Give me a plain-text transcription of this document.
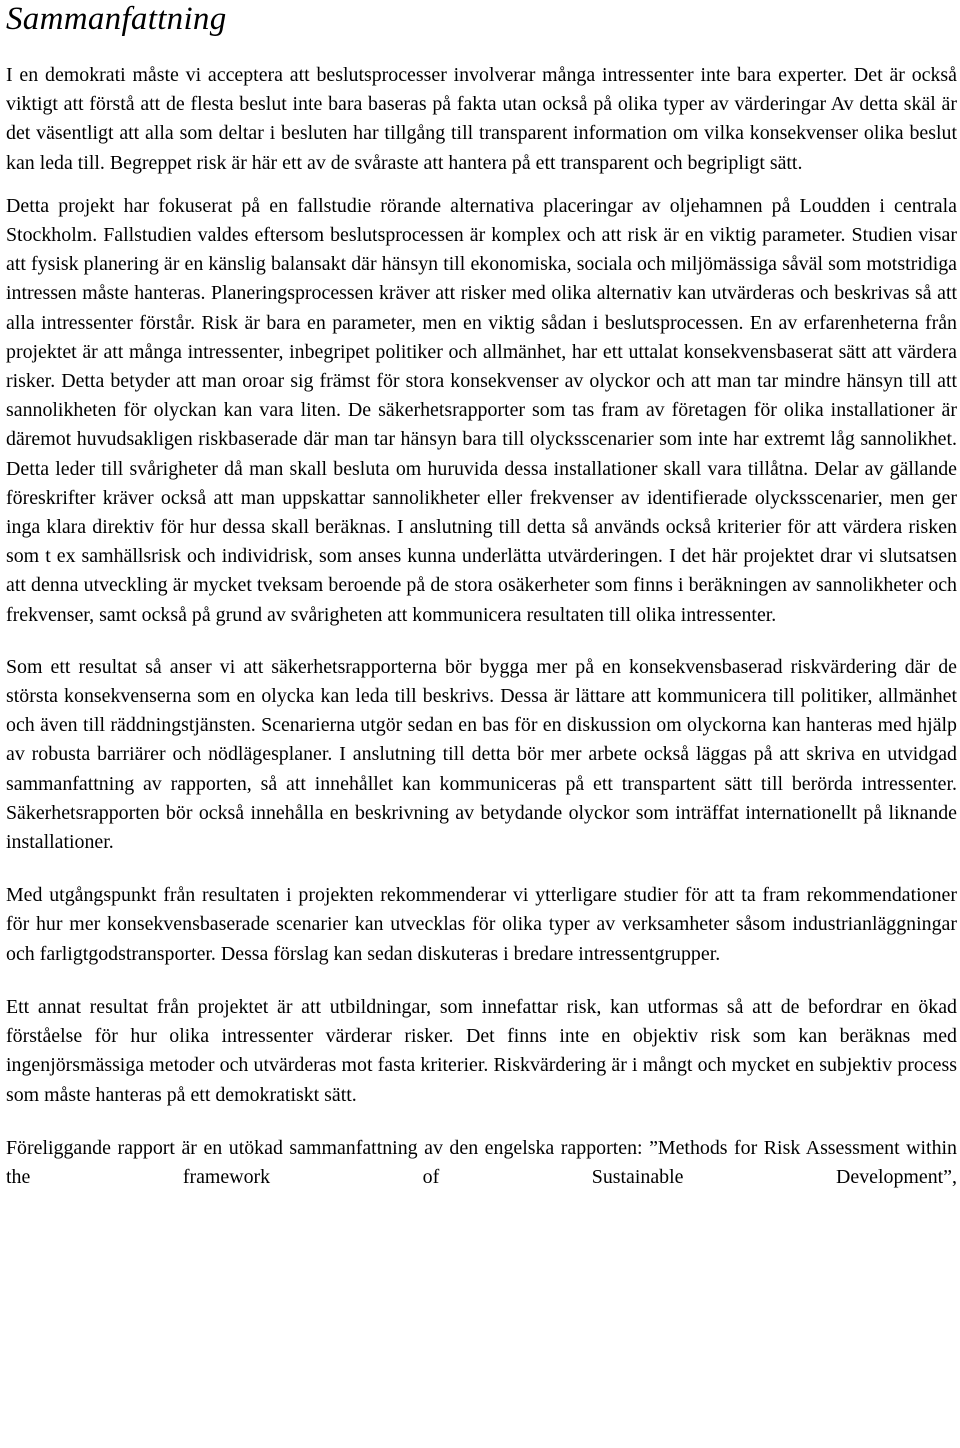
Sammanfattning

I en demokrati måste vi acceptera att beslutsprocesser involverar många intressenter inte bara experter. Det är också viktigt att förstå att de flesta beslut inte bara baseras på fakta utan också på olika typer av värderingar Av detta skäl är det väsentligt att alla som deltar i besluten har tillgång till transparent information om vilka konsekvenser olika beslut kan leda till. Begreppet risk är här ett av de svåraste att hantera på ett transparent och begripligt sätt.

Detta projekt har fokuserat på en fallstudie rörande alternativa placeringar av oljehamnen på Loudden i centrala Stockholm. Fallstudien valdes eftersom beslutsprocessen är komplex och att risk är en viktig parameter. Studien visar att fysisk planering är en känslig balansakt där hänsyn till ekonomiska, sociala och miljömässiga såväl som motstridiga intressen måste hanteras. Planeringsprocessen kräver att risker med olika alternativ kan utvärderas och beskrivas så att alla intressenter förstår. Risk är bara en parameter, men en viktig sådan i beslutsprocessen. En av erfarenheterna från projektet är att många intressenter, inbegripet politiker och allmänhet, har ett uttalat konsekvensbaserat sätt att värdera risker. Detta betyder att man oroar sig främst för stora konsekvenser av olyckor och att man tar mindre hänsyn till att sannolikheten för olyckan kan vara liten. De säkerhetsrapporter som tas fram av företagen för olika installationer är däremot huvudsakligen riskbaserade där man tar hänsyn bara till olycksscenarier som inte har extremt låg sannolikhet. Detta leder till svårigheter då man skall besluta om huruvida dessa installationer skall vara tillåtna. Delar av gällande föreskrifter kräver också att man uppskattar sannolikheter eller frekvenser av identifierade olycksscenarier, men ger inga klara direktiv för hur dessa skall beräknas. I anslutning till detta så används också kriterier för att värdera risken som t ex samhällsrisk och individrisk, som anses kunna underlätta utvärderingen. I det här projektet drar vi slutsatsen att denna utveckling är mycket tveksam beroende på de stora osäkerheter som finns i beräkningen av sannolikheter och frekvenser, samt också på grund av svårigheten att kommunicera resultaten till olika intressenter.

Som ett resultat så anser vi att säkerhetsrapporterna bör bygga mer på en konsekvensbaserad riskvärdering där de största konsekvenserna som en olycka kan leda till beskrivs. Dessa är lättare att kommunicera till politiker, allmänhet och även till räddningstjänsten. Scenarierna utgör sedan en bas för en diskussion om olyckorna kan hanteras med hjälp av robusta barriärer och nödlägesplaner. I anslutning till detta bör mer arbete också läggas på att skriva en utvidgad sammanfattning av rapporten, så att innehållet kan kommuniceras på ett transpartent sätt till berörda intressenter. Säkerhetsrapporten bör också innehålla en beskrivning av betydande olyckor som inträffat internationellt på liknande installationer.

Med utgångspunkt från resultaten i projekten rekommenderar vi ytterligare studier för att ta fram rekommendationer för hur mer konsekvensbaserade scenarier kan utvecklas för olika typer av verksamheter såsom industrianläggningar och farligtgodstransporter. Dessa förslag kan sedan diskuteras i bredare intressentgrupper.

Ett annat resultat från projektet är att utbildningar, som innefattar risk, kan utformas så att de befordrar en ökad förståelse för hur olika intressenter värderar risker. Det finns inte en objektiv risk som kan beräknas med ingenjörsmässiga metoder och utvärderas mot fasta kriterier. Riskvärdering är i mångt och mycket en subjektiv process som måste hanteras på ett demokratiskt sätt.

Föreliggande rapport är en utökad sammanfattning av den engelska rapporten: ”Methods for Risk Assessment within the framework of Sustainable Development”,
